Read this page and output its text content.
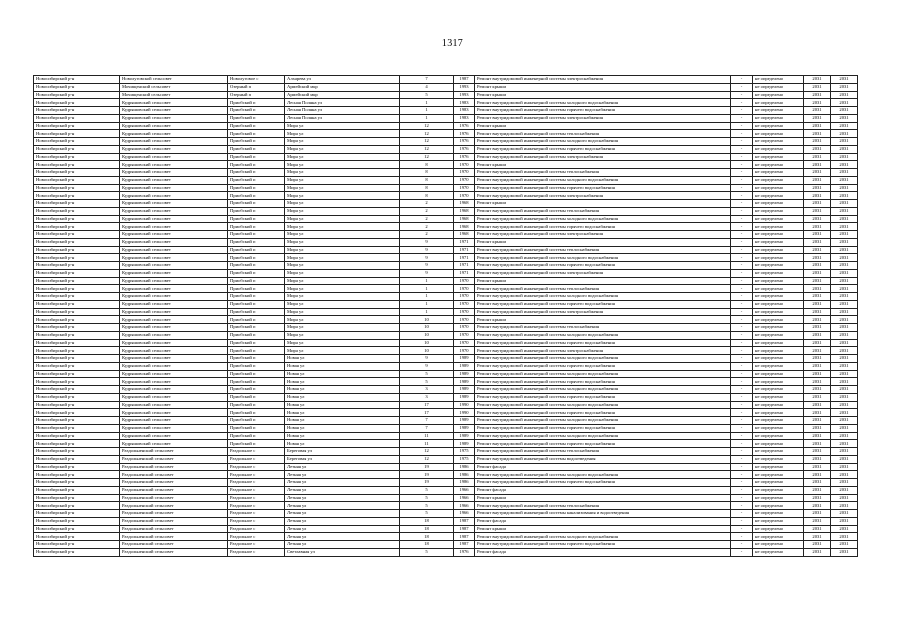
1317
Новосибирский р-н	Новолуговской сельсовет	Новолуговое с	Алхарева ул	7	1987	Ремонт внутридомовой инженерной системы электроснабжения	-	не определено	2031	2031
Новосибирский р-н	Мочищенский сельсовет	Озерный п	Армейский мкр	4	1993	Ремонт крыши	-	не определено	2031	2031
Новосибирский р-н	Мочищенский сельсовет	Озерный п	Армейский мкр	5	1993	Ремонт крыши	-	не определено	2031	2031
Новосибирский р-н	Кудряшовский сельсовет	Приобский п	Лесная Поляна ул	1	1983	Ремонт внутридомовой инженерной системы холодного водоснабжения	-	не определено	2031	2031
Новосибирский р-н	Кудряшовский сельсовет	Приобский п	Лесная Поляна ул	1	1983	Ремонт внутридомовой инженерной системы горячего водоснабжения	-	не определено	2031	2031
Новосибирский р-н	Кудряшовский сельсовет	Приобский п	Лесная Поляна ул	1	1983	Ремонт внутридомовой инженерной системы электроснабжения	-	не определено	2031	2031
Новосибирский р-н	Кудряшовский сельсовет	Приобский п	Мира ул	12	1976	Ремонт крыши	-	не определено	2031	2031
Новосибирский р-н	Кудряшовский сельсовет	Приобский п	Мира ул	12	1976	Ремонт внутридомовой инженерной системы теплоснабжения	-	не определено	2031	2031
Новосибирский р-н	Кудряшовский сельсовет	Приобский п	Мира ул	12	1976	Ремонт внутридомовой инженерной системы холодного водоснабжения	-	не определено	2031	2031
Новосибирский р-н	Кудряшовский сельсовет	Приобский п	Мира ул	12	1976	Ремонт внутридомовой инженерной системы горячего водоснабжения	-	не определено	2031	2031
Новосибирский р-н	Кудряшовский сельсовет	Приобский п	Мира ул	12	1976	Ремонт внутридомовой инженерной системы электроснабжения	-	не определено	2031	2031
Новосибирский р-н	Кудряшовский сельсовет	Приобский п	Мира ул	8	1970	Ремонт крыши	-	не определено	2031	2031
Новосибирский р-н	Кудряшовский сельсовет	Приобский п	Мира ул	8	1970	Ремонт внутридомовой инженерной системы теплоснабжения	-	не определено	2031	2031
Новосибирский р-н	Кудряшовский сельсовет	Приобский п	Мира ул	8	1970	Ремонт внутридомовой инженерной системы холодного водоснабжения	-	не определено	2031	2031
Новосибирский р-н	Кудряшовский сельсовет	Приобский п	Мира ул	8	1970	Ремонт внутридомовой инженерной системы горячего водоснабжения	-	не определено	2031	2031
Новосибирский р-н	Кудряшовский сельсовет	Приобский п	Мира ул	8	1970	Ремонт внутридомовой инженерной системы электроснабжения	-	не определено	2031	2031
Новосибирский р-н	Кудряшовский сельсовет	Приобский п	Мира ул	2	1968	Ремонт крыши	-	не определено	2031	2031
Новосибирский р-н	Кудряшовский сельсовет	Приобский п	Мира ул	2	1968	Ремонт внутридомовой инженерной системы теплоснабжения	-	не определено	2031	2031
Новосибирский р-н	Кудряшовский сельсовет	Приобский п	Мира ул	2	1968	Ремонт внутридомовой инженерной системы холодного водоснабжения	-	не определено	2031	2031
Новосибирский р-н	Кудряшовский сельсовет	Приобский п	Мира ул	2	1968	Ремонт внутридомовой инженерной системы горячего водоснабжения	-	не определено	2031	2031
Новосибирский р-н	Кудряшовский сельсовет	Приобский п	Мира ул	2	1968	Ремонт внутридомовой инженерной системы электроснабжения	-	не определено	2031	2031
Новосибирский р-н	Кудряшовский сельсовет	Приобский п	Мира ул	9	1971	Ремонт крыши	-	не определено	2031	2031
Новосибирский р-н	Кудряшовский сельсовет	Приобский п	Мира ул	9	1971	Ремонт внутридомовой инженерной системы теплоснабжения	-	не определено	2031	2031
Новосибирский р-н	Кудряшовский сельсовет	Приобский п	Мира ул	9	1971	Ремонт внутридомовой инженерной системы холодного водоснабжения	-	не определено	2031	2031
Новосибирский р-н	Кудряшовский сельсовет	Приобский п	Мира ул	9	1971	Ремонт внутридомовой инженерной системы горячего водоснабжения	-	не определено	2031	2031
Новосибирский р-н	Кудряшовский сельсовет	Приобский п	Мира ул	9	1971	Ремонт внутридомовой инженерной системы электроснабжения	-	не определено	2031	2031
Новосибирский р-н	Кудряшовский сельсовет	Приобский п	Мира ул	1	1970	Ремонт крыши	-	не определено	2031	2031
Новосибирский р-н	Кудряшовский сельсовет	Приобский п	Мира ул	1	1970	Ремонт внутридомовой инженерной системы теплоснабжения	-	не определено	2031	2031
Новосибирский р-н	Кудряшовский сельсовет	Приобский п	Мира ул	1	1970	Ремонт внутридомовой инженерной системы холодного водоснабжения	-	не определено	2031	2031
Новосибирский р-н	Кудряшовский сельсовет	Приобский п	Мира ул	1	1970	Ремонт внутридомовой инженерной системы горячего водоснабжения	-	не определено	2031	2031
Новосибирский р-н	Кудряшовский сельсовет	Приобский п	Мира ул	1	1970	Ремонт внутридомовой инженерной системы электроснабжения	-	не определено	2031	2031
Новосибирский р-н	Кудряшовский сельсовет	Приобский п	Мира ул	10	1970	Ремонт крыши	-	не определено	2031	2031
Новосибирский р-н	Кудряшовский сельсовет	Приобский п	Мира ул	10	1970	Ремонт внутридомовой инженерной системы теплоснабжения	-	не определено	2031	2031
Новосибирский р-н	Кудряшовский сельсовет	Приобский п	Мира ул	10	1970	Ремонт внутридомовой инженерной системы холодного водоснабжения	-	не определено	2031	2031
Новосибирский р-н	Кудряшовский сельсовет	Приобский п	Мира ул	10	1970	Ремонт внутридомовой инженерной системы горячего водоснабжения	-	не определено	2031	2031
Новосибирский р-н	Кудряшовский сельсовет	Приобский п	Мира ул	10	1970	Ремонт внутридомовой инженерной системы электроснабжения	-	не определено	2031	2031
Новосибирский р-н	Кудряшовский сельсовет	Приобский п	Новая ул	9	1989	Ремонт внутридомовой инженерной системы холодного водоснабжения	-	не определено	2031	2031
Новосибирский р-н	Кудряшовский сельсовет	Приобский п	Новая ул	9	1989	Ремонт внутридомовой инженерной системы горячего водоснабжения	-	не определено	2031	2031
Новосибирский р-н	Кудряшовский сельсовет	Приобский п	Новая ул	5	1989	Ремонт внутридомовой инженерной системы холодного водоснабжения	-	не определено	2031	2031
Новосибирский р-н	Кудряшовский сельсовет	Приобский п	Новая ул	5	1989	Ремонт внутридомовой инженерной системы горячего водоснабжения	-	не определено	2031	2031
Новосибирский р-н	Кудряшовский сельсовет	Приобский п	Новая ул	3	1989	Ремонт внутридомовой инженерной системы холодного водоснабжения	-	не определено	2031	2031
Новосибирский р-н	Кудряшовский сельсовет	Приобский п	Новая ул	3	1989	Ремонт внутридомовой инженерной системы горячего водоснабжения	-	не определено	2031	2031
Новосибирский р-н	Кудряшовский сельсовет	Приобский п	Новая ул	17	1990	Ремонт внутридомовой инженерной системы холодного водоснабжения	-	не определено	2031	2031
Новосибирский р-н	Кудряшовский сельсовет	Приобский п	Новая ул	17	1990	Ремонт внутридомовой инженерной системы горячего водоснабжения	-	не определено	2031	2031
Новосибирский р-н	Кудряшовский сельсовет	Приобский п	Новая ул	7	1989	Ремонт внутридомовой инженерной системы холодного водоснабжения	-	не определено	2031	2031
Новосибирский р-н	Кудряшовский сельсовет	Приобский п	Новая ул	7	1989	Ремонт внутридомовой инженерной системы горячего водоснабжения	-	не определено	2031	2031
Новосибирский р-н	Кудряшовский сельсовет	Приобский п	Новая ул	11	1989	Ремонт внутридомовой инженерной системы холодного водоснабжения	-	не определено	2031	2031
Новосибирский р-н	Кудряшовский сельсовет	Приобский п	Новая ул	11	1989	Ремонт внутридомовой инженерной системы горячего водоснабжения	-	не определено	2031	2031
Новосибирский р-н	Раздольненский сельсовет	Раздольное с	Береговая ул	12	1975	Ремонт внутридомовой инженерной системы теплоснабжения	-	не определено	2031	2031
Новосибирский р-н	Раздольненский сельсовет	Раздольное с	Береговая ул	12	1975	Ремонт внутридомовой инженерной системы водоотведения	-	не определено	2031	2031
Новосибирский р-н	Раздольненский сельсовет	Раздольное с	Летняя ул	19	1986	Ремонт фасада	-	не определено	2031	2031
Новосибирский р-н	Раздольненский сельсовет	Раздольное с	Летняя ул	19	1986	Ремонт внутридомовой инженерной системы холодного водоснабжения	-	не определено	2031	2031
Новосибирский р-н	Раздольненский сельсовет	Раздольное с	Летняя ул	19	1986	Ремонт внутридомовой инженерной системы горячего водоснабжения	-	не определено	2031	2031
Новосибирский р-н	Раздольненский сельсовет	Раздольное с	Летняя ул	5	1966	Ремонт фасада	-	не определено	2031	2031
Новосибирский р-н	Раздольненский сельсовет	Раздольное с	Летняя ул	5	1966	Ремонт крыши	-	не определено	2031	2031
Новосибирский р-н	Раздольненский сельсовет	Раздольное с	Летняя ул	5	1966	Ремонт внутридомовой инженерной системы теплоснабжения	-	не определено	2031	2031
Новосибирский р-н	Раздольненский сельсовет	Раздольное с	Летняя ул	5	1966	Ремонт внутридомовой инженерной системы канализования и водоотведения	-	не определено	2031	2031
Новосибирский р-н	Раздольненский сельсовет	Раздольное с	Летняя ул	18	1987	Ремонт фасада	-	не определено	2031	2031
Новосибирский р-н	Раздольненский сельсовет	Раздольное с	Летняя ул	18	1987	Ремонт крыши	-	не определено	2031	2031
Новосибирский р-н	Раздольненский сельсовет	Раздольное с	Летняя ул	18	1987	Ремонт внутридомовой инженерной системы холодного водоснабжения	-	не определено	2031	2031
Новосибирский р-н	Раздольненский сельсовет	Раздольное с	Летняя ул	18	1987	Ремонт внутридомовой инженерной системы горячего водоснабжения	-	не определено	2031	2031
Новосибирский р-н	Раздольненский сельсовет	Раздольное с	Светлавная ул	5	1976	Ремонт фасада	-	не определено	2031	2031
